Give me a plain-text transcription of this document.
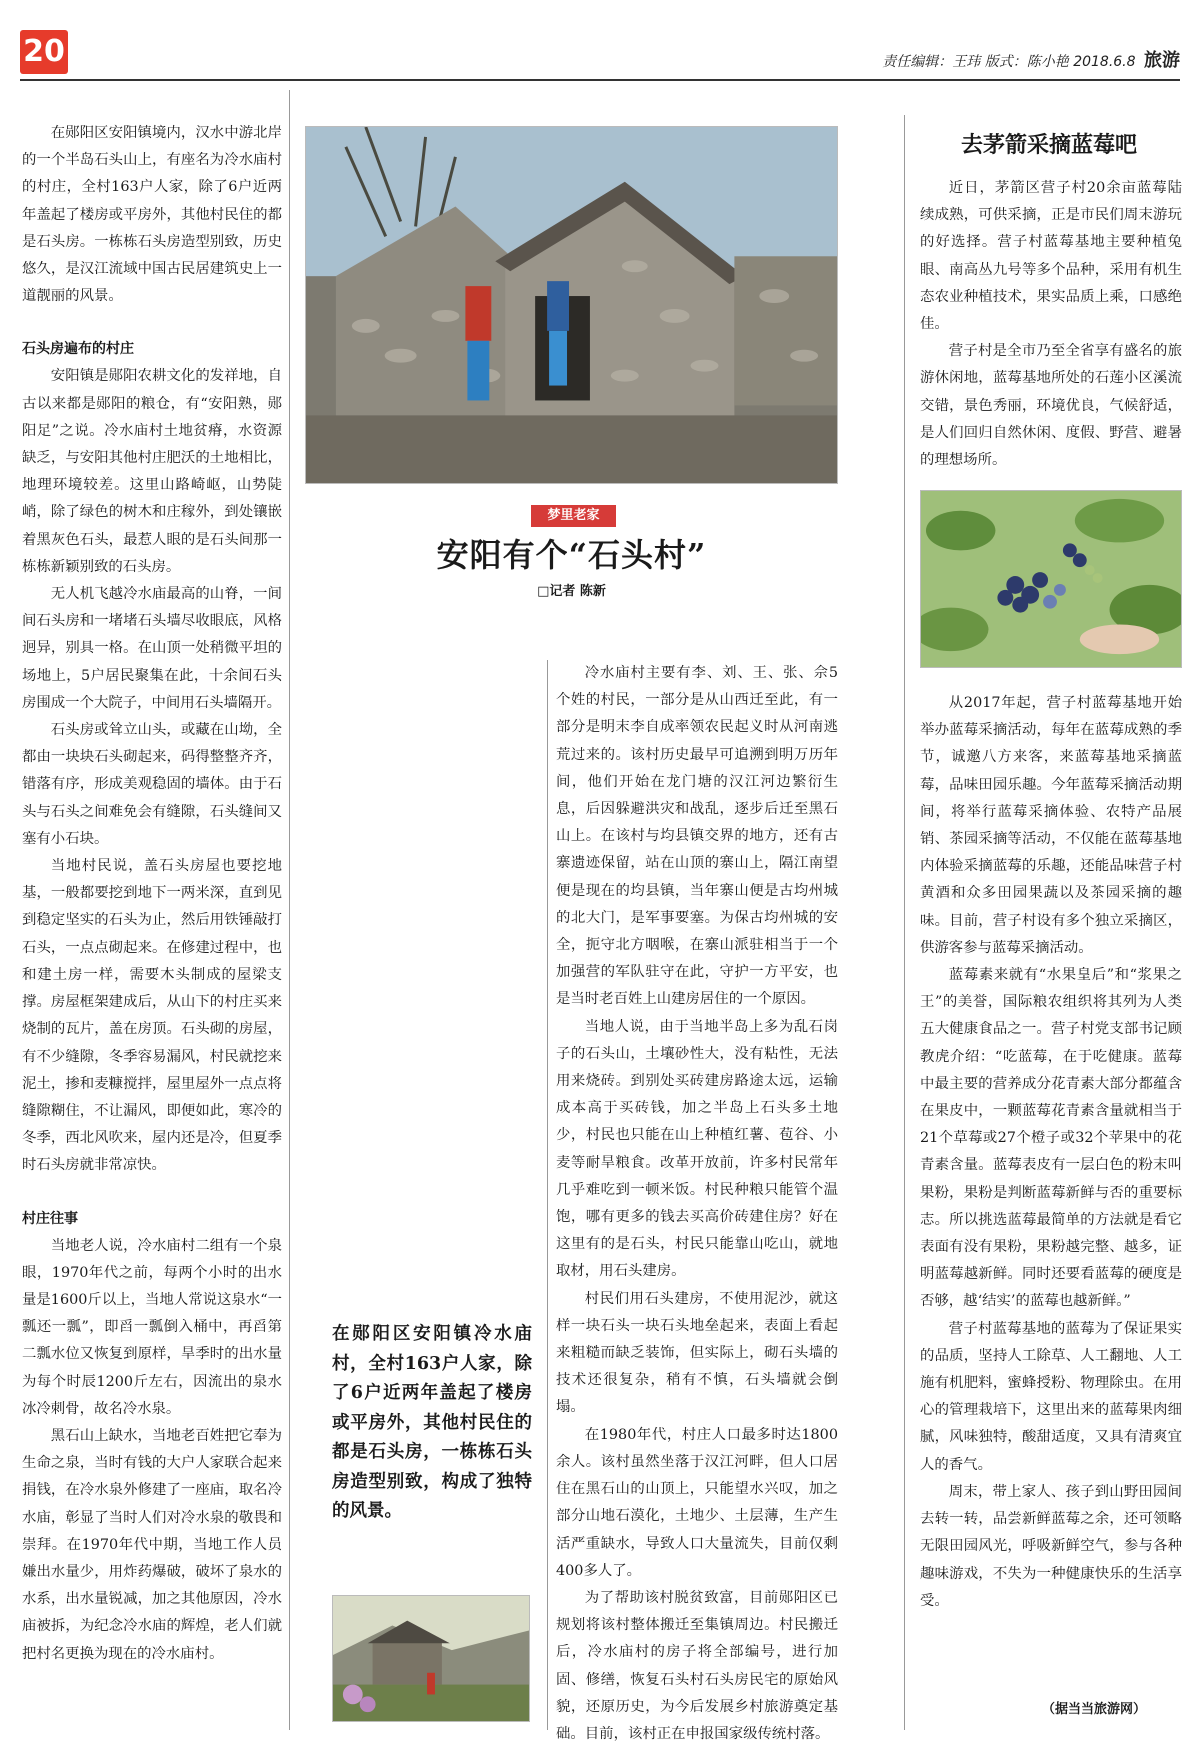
20	责任编辑：王玮 版式：陈小艳 2018.6.8 旅游

在郧阳区安阳镇境内，汉水中游北岸的一个半岛石头山上，有座名为冷水庙村的村庄，全村163户人家，除了6户近两年盖起了楼房或平房外，其他村民住的都是石头房。一栋栋石头房造型别致，历史悠久，是汉江流域中国古民居建筑史上一道靓丽的风景。

石头房遍布的村庄

安阳镇是郧阳农耕文化的发祥地，自古以来都是郧阳的粮仓，有“安阳熟，郧阳足”之说。冷水庙村土地贫瘠，水资源缺乏，与安阳其他村庄肥沃的土地相比，地理环境较差。这里山路崎岖，山势陡峭，除了绿色的树木和庄稼外，到处镶嵌着黑灰色石头，最惹人眼的是石头间那一栋栋新颖别致的石头房。

无人机飞越冷水庙最高的山脊，一间间石头房和一堵堵石头墙尽收眼底，风格迥异，别具一格。在山顶一处稍微平坦的场地上，5户居民聚集在此，十余间石头房围成一个大院子，中间用石头墙隔开。

石头房或耸立山头，或藏在山坳，全都由一块块石头砌起来，码得整整齐齐，错落有序，形成美观稳固的墙体。由于石头与石头之间难免会有缝隙，石头缝间又塞有小石块。

当地村民说，盖石头房屋也要挖地基，一般都要挖到地下一两米深，直到见到稳定坚实的石头为止，然后用铁锤敲打石头，一点点砌起来。在修建过程中，也和建土房一样，需要木头制成的屋梁支撑。房屋框架建成后，从山下的村庄买来烧制的瓦片，盖在房顶。石头砌的房屋，有不少缝隙，冬季容易漏风，村民就挖来泥土，掺和麦糠搅拌，屋里屋外一点点将缝隙糊住，不让漏风，即便如此，寒冷的冬季，西北风吹来，屋内还是冷，但夏季时石头房就非常凉快。

村庄往事

当地老人说，冷水庙村二组有一个泉眼，1970年代之前，每两个小时的出水量是1600斤以上，当地人常说这泉水“一瓢还一瓢”，即舀一瓢倒入桶中，再舀第二瓢水位又恢复到原样，旱季时的出水量为每个时辰1200斤左右，因流出的泉水冰冷刺骨，故名冷水泉。

黑石山上缺水，当地老百姓把它奉为生命之泉，当时有钱的大户人家联合起来捐钱，在冷水泉外修建了一座庙，取名冷水庙，彰显了当时人们对冷水泉的敬畏和崇拜。在1970年代中期，当地工作人员嫌出水量少，用炸药爆破，破坏了泉水的水系，出水量锐减，加之其他原因，冷水庙被拆，为纪念冷水庙的辉煌，老人们就把村名更换为现在的冷水庙村。

梦里老家
安阳有个“石头村”
□记者 陈新

冷水庙村主要有李、刘、王、张、佘5个姓的村民，一部分是从山西迁至此，有一部分是明末李自成率领农民起义时从河南逃荒过来的。该村历史最早可追溯到明万历年间，他们开始在龙门塘的汉江河边繁衍生息，后因躲避洪灾和战乱，逐步后迁至黑石山上。在该村与均县镇交界的地方，还有古寨遗迹保留，站在山顶的寨山上，隔江南望便是现在的均县镇，当年寨山便是古均州城的北大门，是军事要塞。为保古均州城的安全，扼守北方咽喉，在寨山派驻相当于一个加强营的军队驻守在此，守护一方平安，也是当时老百姓上山建房居住的一个原因。

当地人说，由于当地半岛上多为乱石岗子的石头山，土壤砂性大，没有粘性，无法用来烧砖。到别处买砖建房路途太远，运输成本高于买砖钱，加之半岛上石头多土地少，村民也只能在山上种植红薯、苞谷、小麦等耐旱粮食。改革开放前，许多村民常年几乎难吃到一顿米饭。村民种粮只能管个温饱，哪有更多的钱去买高价砖建住房？好在这里有的是石头，村民只能靠山吃山，就地取材，用石头建房。

村民们用石头建房，不使用泥沙，就这样一块石头一块石头地垒起来，表面上看起来粗糙而缺乏装饰，但实际上，砌石头墙的技术还很复杂，稍有不慎，石头墙就会倒塌。

在1980年代，村庄人口最多时达1800余人。该村虽然坐落于汉江河畔，但人口居住在黑石山的山顶上，只能望水兴叹，加之部分山地石漠化，土地少、土层薄，生产生活严重缺水，导致人口大量流失，目前仅剩400多人了。

为了帮助该村脱贫致富，目前郧阳区已规划将该村整体搬迁至集镇周边。村民搬迁后，冷水庙村的房子将全部编号，进行加固、修缮，恢复石头村石头房民宅的原始风貌，还原历史，为今后发展乡村旅游奠定基础。目前，该村正在申报国家级传统村落。

在郧阳区安阳镇冷水庙村，全村163户人家，除了6户近两年盖起了楼房或平房外，其他村民住的都是石头房，一栋栋石头房造型别致，构成了独特的风景。
去茅箭采摘蓝莓吧

近日，茅箭区营子村20余亩蓝莓陆续成熟，可供采摘，正是市民们周末游玩的好选择。营子村蓝莓基地主要种植兔眼、南高丛九号等多个品种，采用有机生态农业种植技术，果实品质上乘，口感绝佳。

营子村是全市乃至全省享有盛名的旅游休闲地，蓝莓基地所处的石莲小区溪流交错，景色秀丽，环境优良，气候舒适，是人们回归自然休闲、度假、野营、避暑的理想场所。

从2017年起，营子村蓝莓基地开始举办蓝莓采摘活动，每年在蓝莓成熟的季节，诚邀八方来客，来蓝莓基地采摘蓝莓，品味田园乐趣。今年蓝莓采摘活动期间，将举行蓝莓采摘体验、农特产品展销、茶园采摘等活动，不仅能在蓝莓基地内体验采摘蓝莓的乐趣，还能品味营子村黄酒和众多田园果蔬以及茶园采摘的趣味。目前，营子村设有多个独立采摘区，供游客参与蓝莓采摘活动。

蓝莓素来就有“水果皇后”和“浆果之王”的美誉，国际粮农组织将其列为人类五大健康食品之一。营子村党支部书记顾教虎介绍：“吃蓝莓，在于吃健康。蓝莓中最主要的营养成分花青素大部分都蕴含在果皮中，一颗蓝莓花青素含量就相当于21个草莓或27个橙子或32个苹果中的花青素含量。蓝莓表皮有一层白色的粉末叫果粉，果粉是判断蓝莓新鲜与否的重要标志。所以挑选蓝莓最简单的方法就是看它表面有没有果粉，果粉越完整、越多，证明蓝莓越新鲜。同时还要看蓝莓的硬度是否够，越‘结实’的蓝莓也越新鲜。”

营子村蓝莓基地的蓝莓为了保证果实的品质，坚持人工除草、人工翻地、人工施有机肥料，蜜蜂授粉、物理除虫。在用心的管理栽培下，这里出来的蓝莓果肉细腻，风味独特，酸甜适度，又具有清爽宜人的香气。

周末，带上家人、孩子到山野田园间去转一转，品尝新鲜蓝莓之余，还可领略无限田园风光，呼吸新鲜空气，参与各种趣味游戏，不失为一种健康快乐的生活享受。

（据当当旅游网）
